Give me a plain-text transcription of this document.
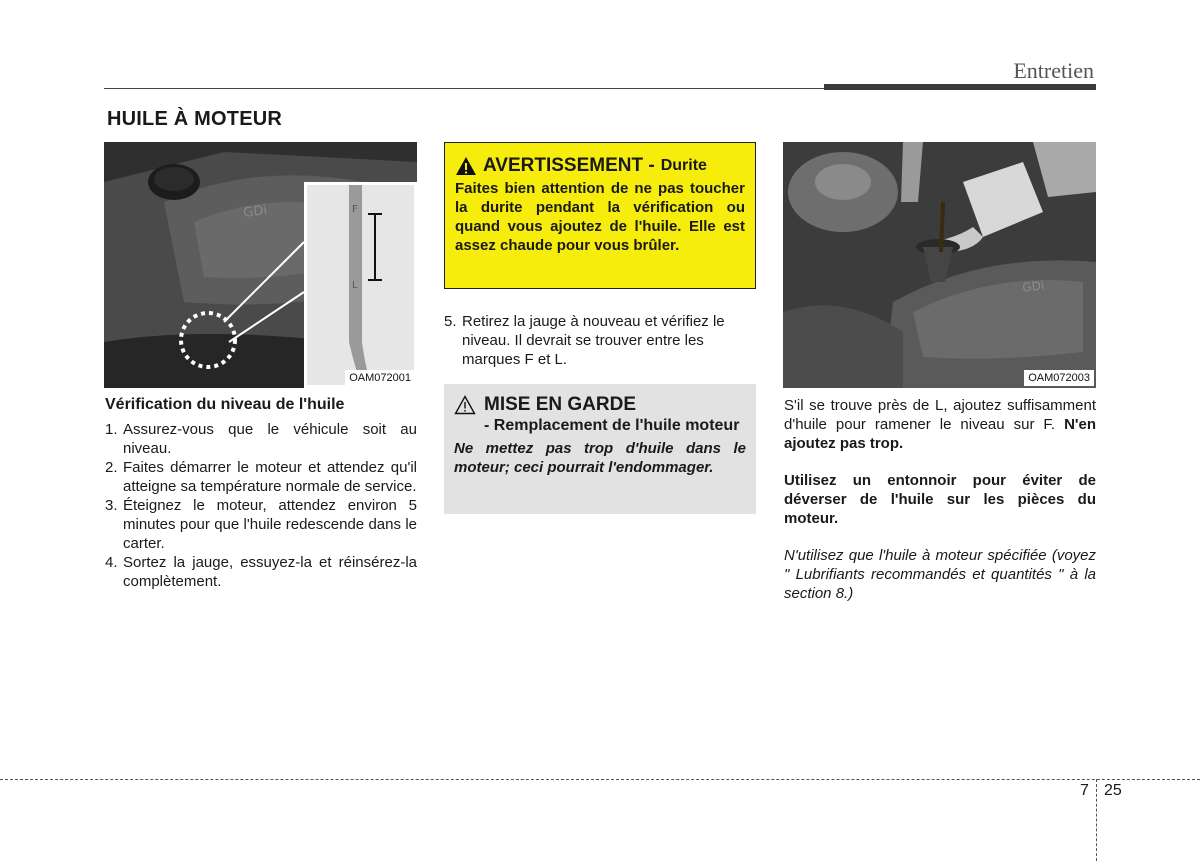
Entretien
HUILE À MOTEUR
GDi	F
L
OAM072001
Vérification du niveau de l'huile
1. Assurez-vous que le véhicule soit au niveau.
2. Faites démarrer le moteur et attendez qu'il atteigne sa température normale de service.
3. Éteignez le moteur, attendez environ 5 minutes pour que l'huile redescende dans le carter.
4. Sortez la jauge, essuyez-la et réinsérez-la complètement.
AVERTISSEMENT - Durite
Faites bien attention de ne pas toucher la durite pendant la vérification ou quand vous ajoutez de l'huile. Elle est assez chaude pour vous brûler.
5. Retirez la jauge à nouveau et vérifiez le niveau. Il devrait se trouver entre les marques F et L.
MISE EN GARDE
- Remplacement de l'huile moteur
Ne mettez pas trop d'huile dans le moteur; ceci pourrait l'endommager.
GDi
OAM072003

S'il se trouve près de L, ajoutez suffisamment d'huile pour ramener le niveau sur F. N'en ajoutez pas trop.

Utilisez un entonnoir pour éviter de déverser de l'huile sur les pièces du moteur.

N'utilisez que l'huile à moteur spécifiée (voyez " Lubrifiants recommandés et quantités " à la section 8.)

7 25
